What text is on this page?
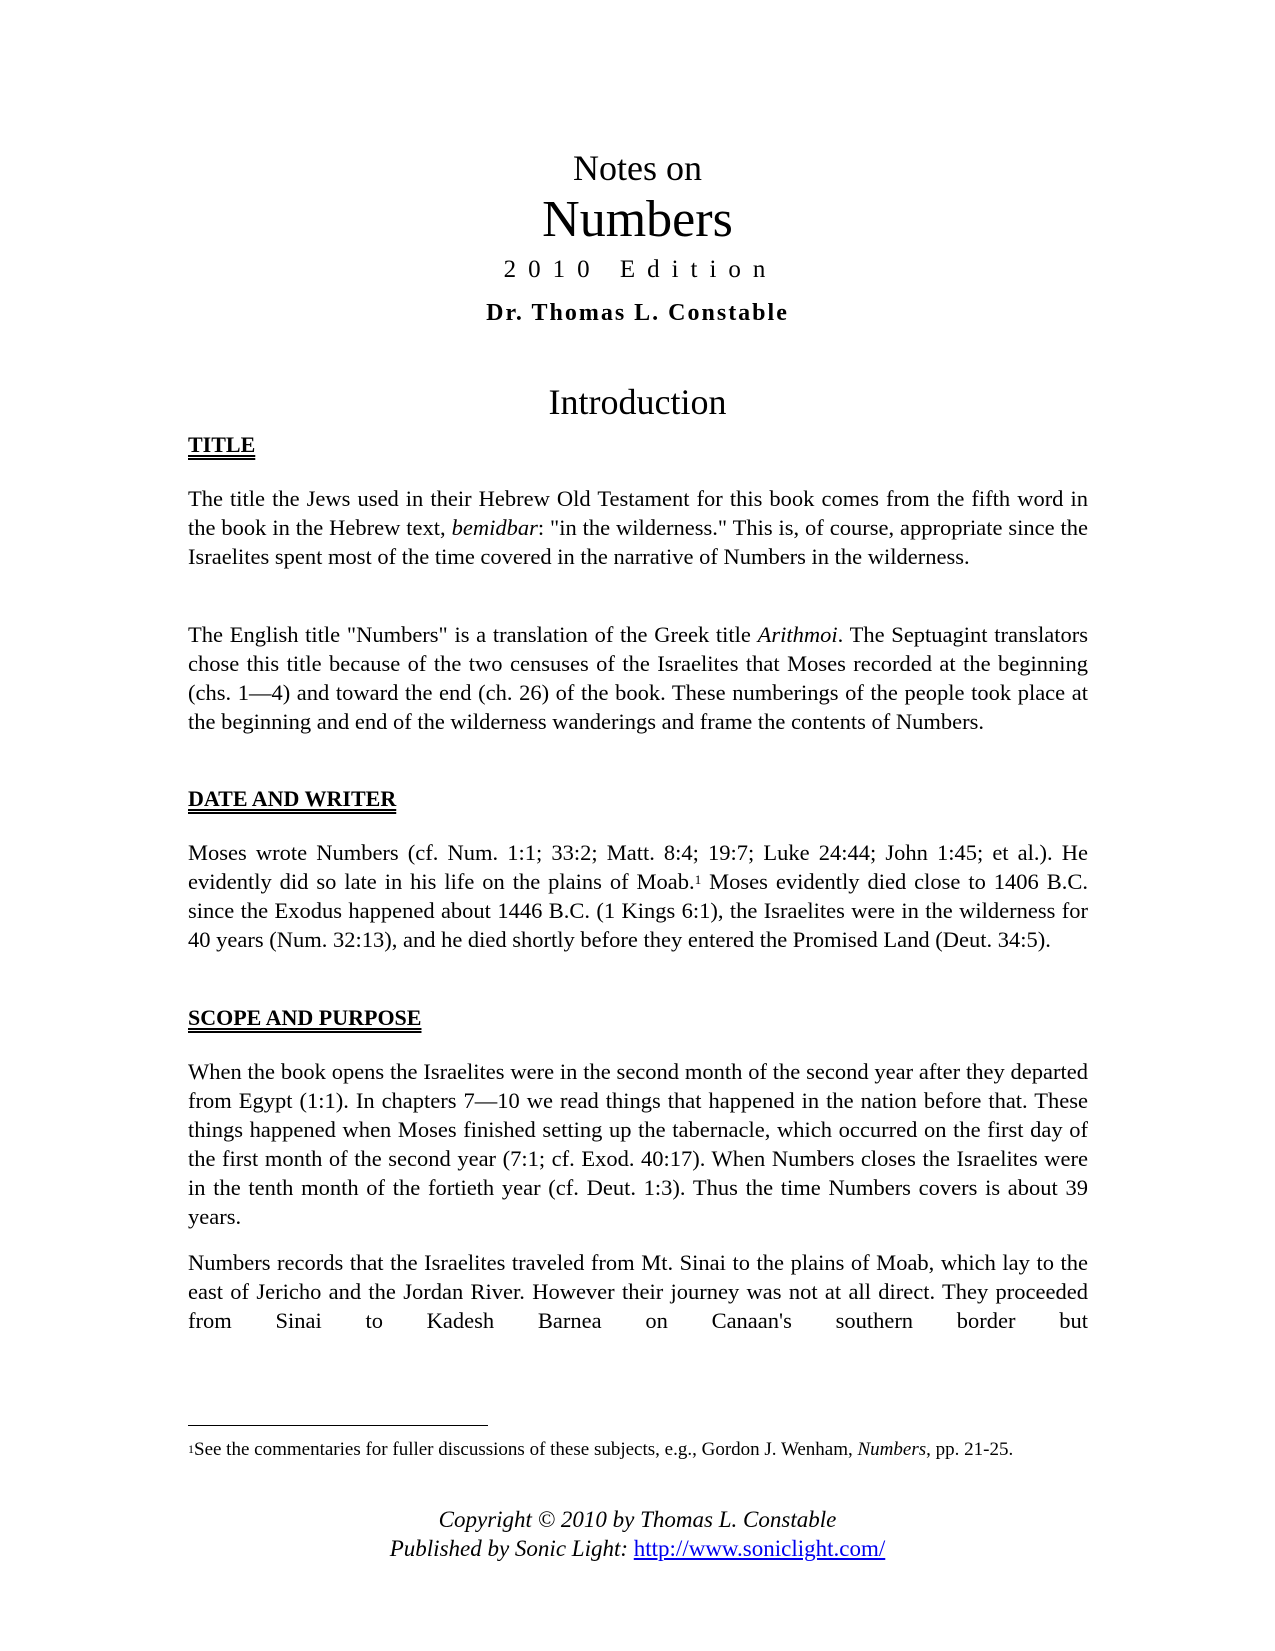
Notes on
Numbers
2010 Edition
Dr. Thomas L. Constable
Introduction
TITLE

The title the Jews used in their Hebrew Old Testament for this book comes from the fifth word in the book in the Hebrew text, bemidbar: "in the wilderness." This is, of course, appropriate since the Israelites spent most of the time covered in the narrative of Numbers in the wilderness.

The English title "Numbers" is a translation of the Greek title Arithmoi. The Septuagint translators chose this title because of the two censuses of the Israelites that Moses recorded at the beginning (chs. 1—4) and toward the end (ch. 26) of the book. These numberings of the people took place at the beginning and end of the wilderness wanderings and frame the contents of Numbers.

DATE AND WRITER

Moses wrote Numbers (cf. Num. 1:1; 33:2; Matt. 8:4; 19:7; Luke 24:44; John 1:45; et al.). He evidently did so late in his life on the plains of Moab.$^1$ Moses evidently died close to 1406 B.C. since the Exodus happened about 1446 B.C. (1 Kings 6:1), the Israelites were in the wilderness for 40 years (Num. 32:13), and he died shortly before they entered the Promised Land (Deut. 34:5).

SCOPE AND PURPOSE

When the book opens the Israelites were in the second month of the second year after they departed from Egypt (1:1). In chapters 7—10 we read things that happened in the nation before that. These things happened when Moses finished setting up the tabernacle, which occurred on the first day of the first month of the second year (7:1; cf. Exod. 40:17). When Numbers closes the Israelites were in the tenth month of the fortieth year (cf. Deut. 1:3). Thus the time Numbers covers is about 39 years.

Numbers records that the Israelites traveled from Mt. Sinai to the plains of Moab, which lay to the east of Jericho and the Jordan River. However their journey was not at all direct. They proceeded from Sinai to Kadesh Barnea on Canaan's southern border but

$^1$See the commentaries for fuller discussions of these subjects, e.g., Gordon J. Wenham, Numbers, pp. 21-25.
Copyright © 2010 by Thomas L. Constable
Published by Sonic Light: http://www.soniclight.com/
